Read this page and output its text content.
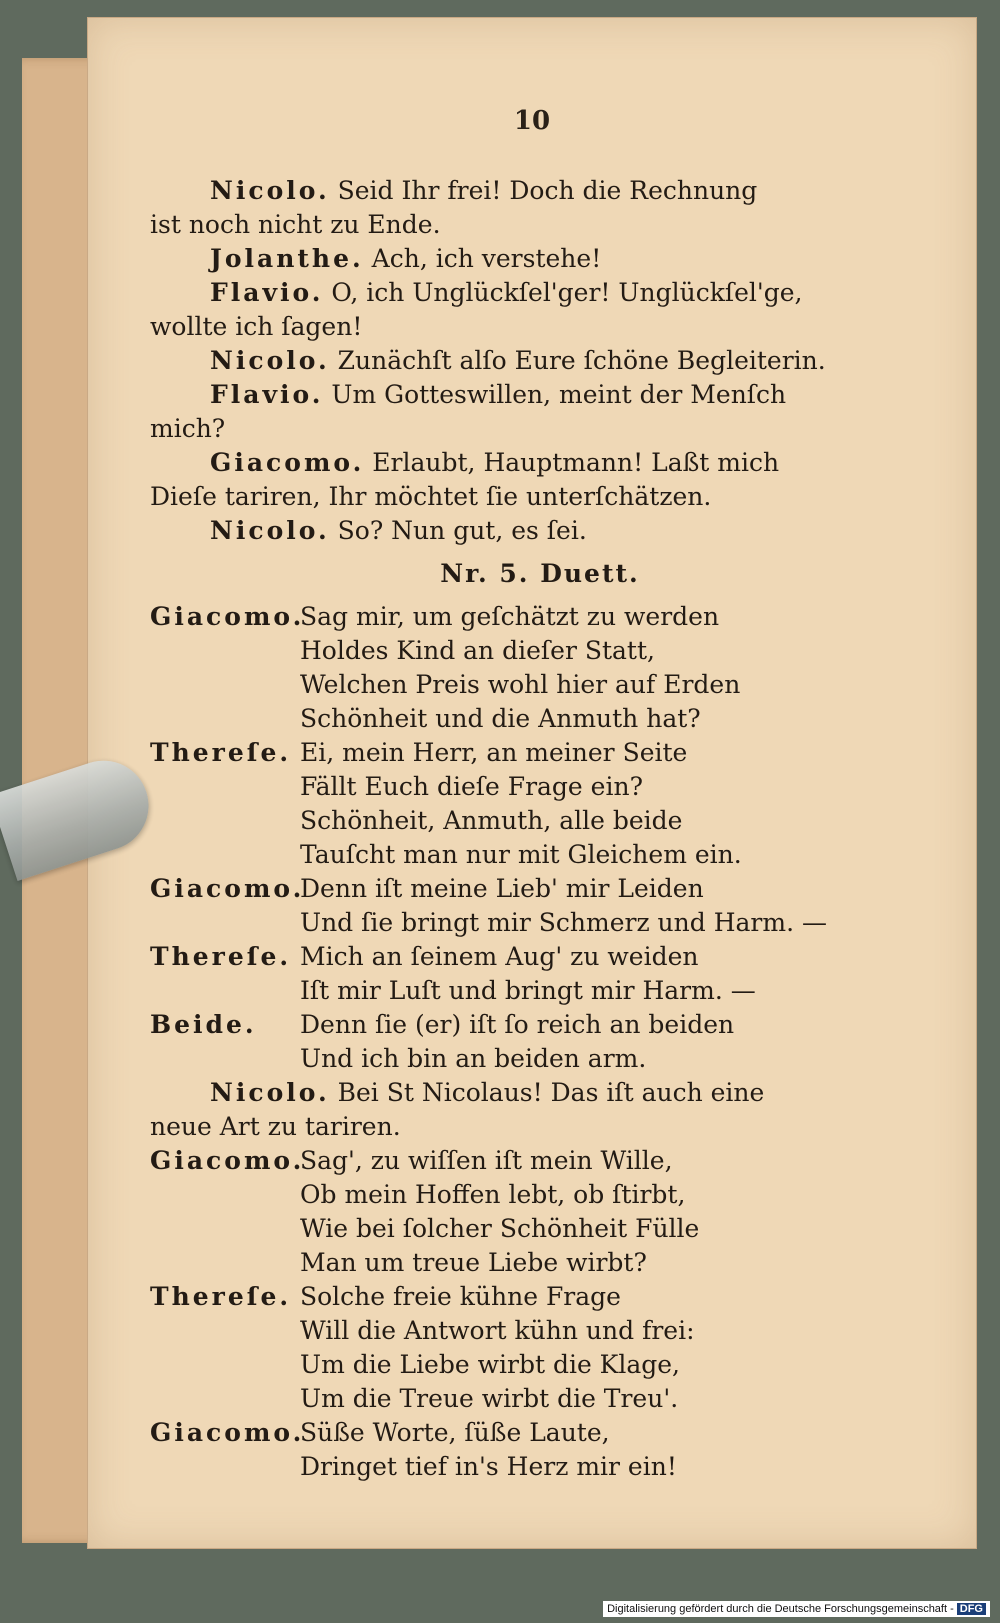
10
Nicolo. Seid Ihr frei! Doch die Rechnung
ist noch nicht zu Ende.
Jolanthe. Ach, ich verstehe!
Flavio. O, ich Unglückſel'ger! Unglückſel'ge,
wollte ich ſagen!
Nicolo. Zunächſt alſo Eure ſchöne Begleiterin.
Flavio. Um Gotteswillen, meint der Menſch
mich?
Giacomo. Erlaubt, Hauptmann! Laßt mich
Dieſe tariren, Ihr möchtet ſie unterſchätzen.
Nicolo. So? Nun gut, es ſei.
Nr. 5. Duett.
Giacomo.
Sag mir, um geſchätzt zu werden
Holdes Kind an dieſer Statt,
Welchen Preis wohl hier auf Erden
Schönheit und die Anmuth hat?
Thereſe. Ei, mein Herr, an meiner Seite
Fällt Euch dieſe Frage ein?
Schönheit, Anmuth, alle beide
Tauſcht man nur mit Gleichem ein.
Giacomo.
Denn iſt meine Lieb' mir Leiden
Und ſie bringt mir Schmerz und Harm. —
Thereſe. Mich an ſeinem Aug' zu weiden
Iſt mir Luſt und bringt mir Harm. —
Beide.	Denn ſie (er) iſt ſo reich an beiden
Und ich bin an beiden arm.
Nicolo. Bei St Nicolaus! Das iſt auch eine
neue Art zu tariren.
Giacomo.
Sag', zu wiſſen iſt mein Wille,
Ob mein Hoffen lebt, ob ſtirbt,
Wie bei ſolcher Schönheit Fülle
Man um treue Liebe wirbt?
Thereſe. Solche freie kühne Frage
Will die Antwort kühn und frei:
Um die Liebe wirbt die Klage,
Um die Treue wirbt die Treu'.
Giacomo.
Süße Worte, ſüße Laute,
Dringet tief in's Herz mir ein!
Digitalisierung gefördert durch die Deutsche Forschungsgemeinschaft - DFG
